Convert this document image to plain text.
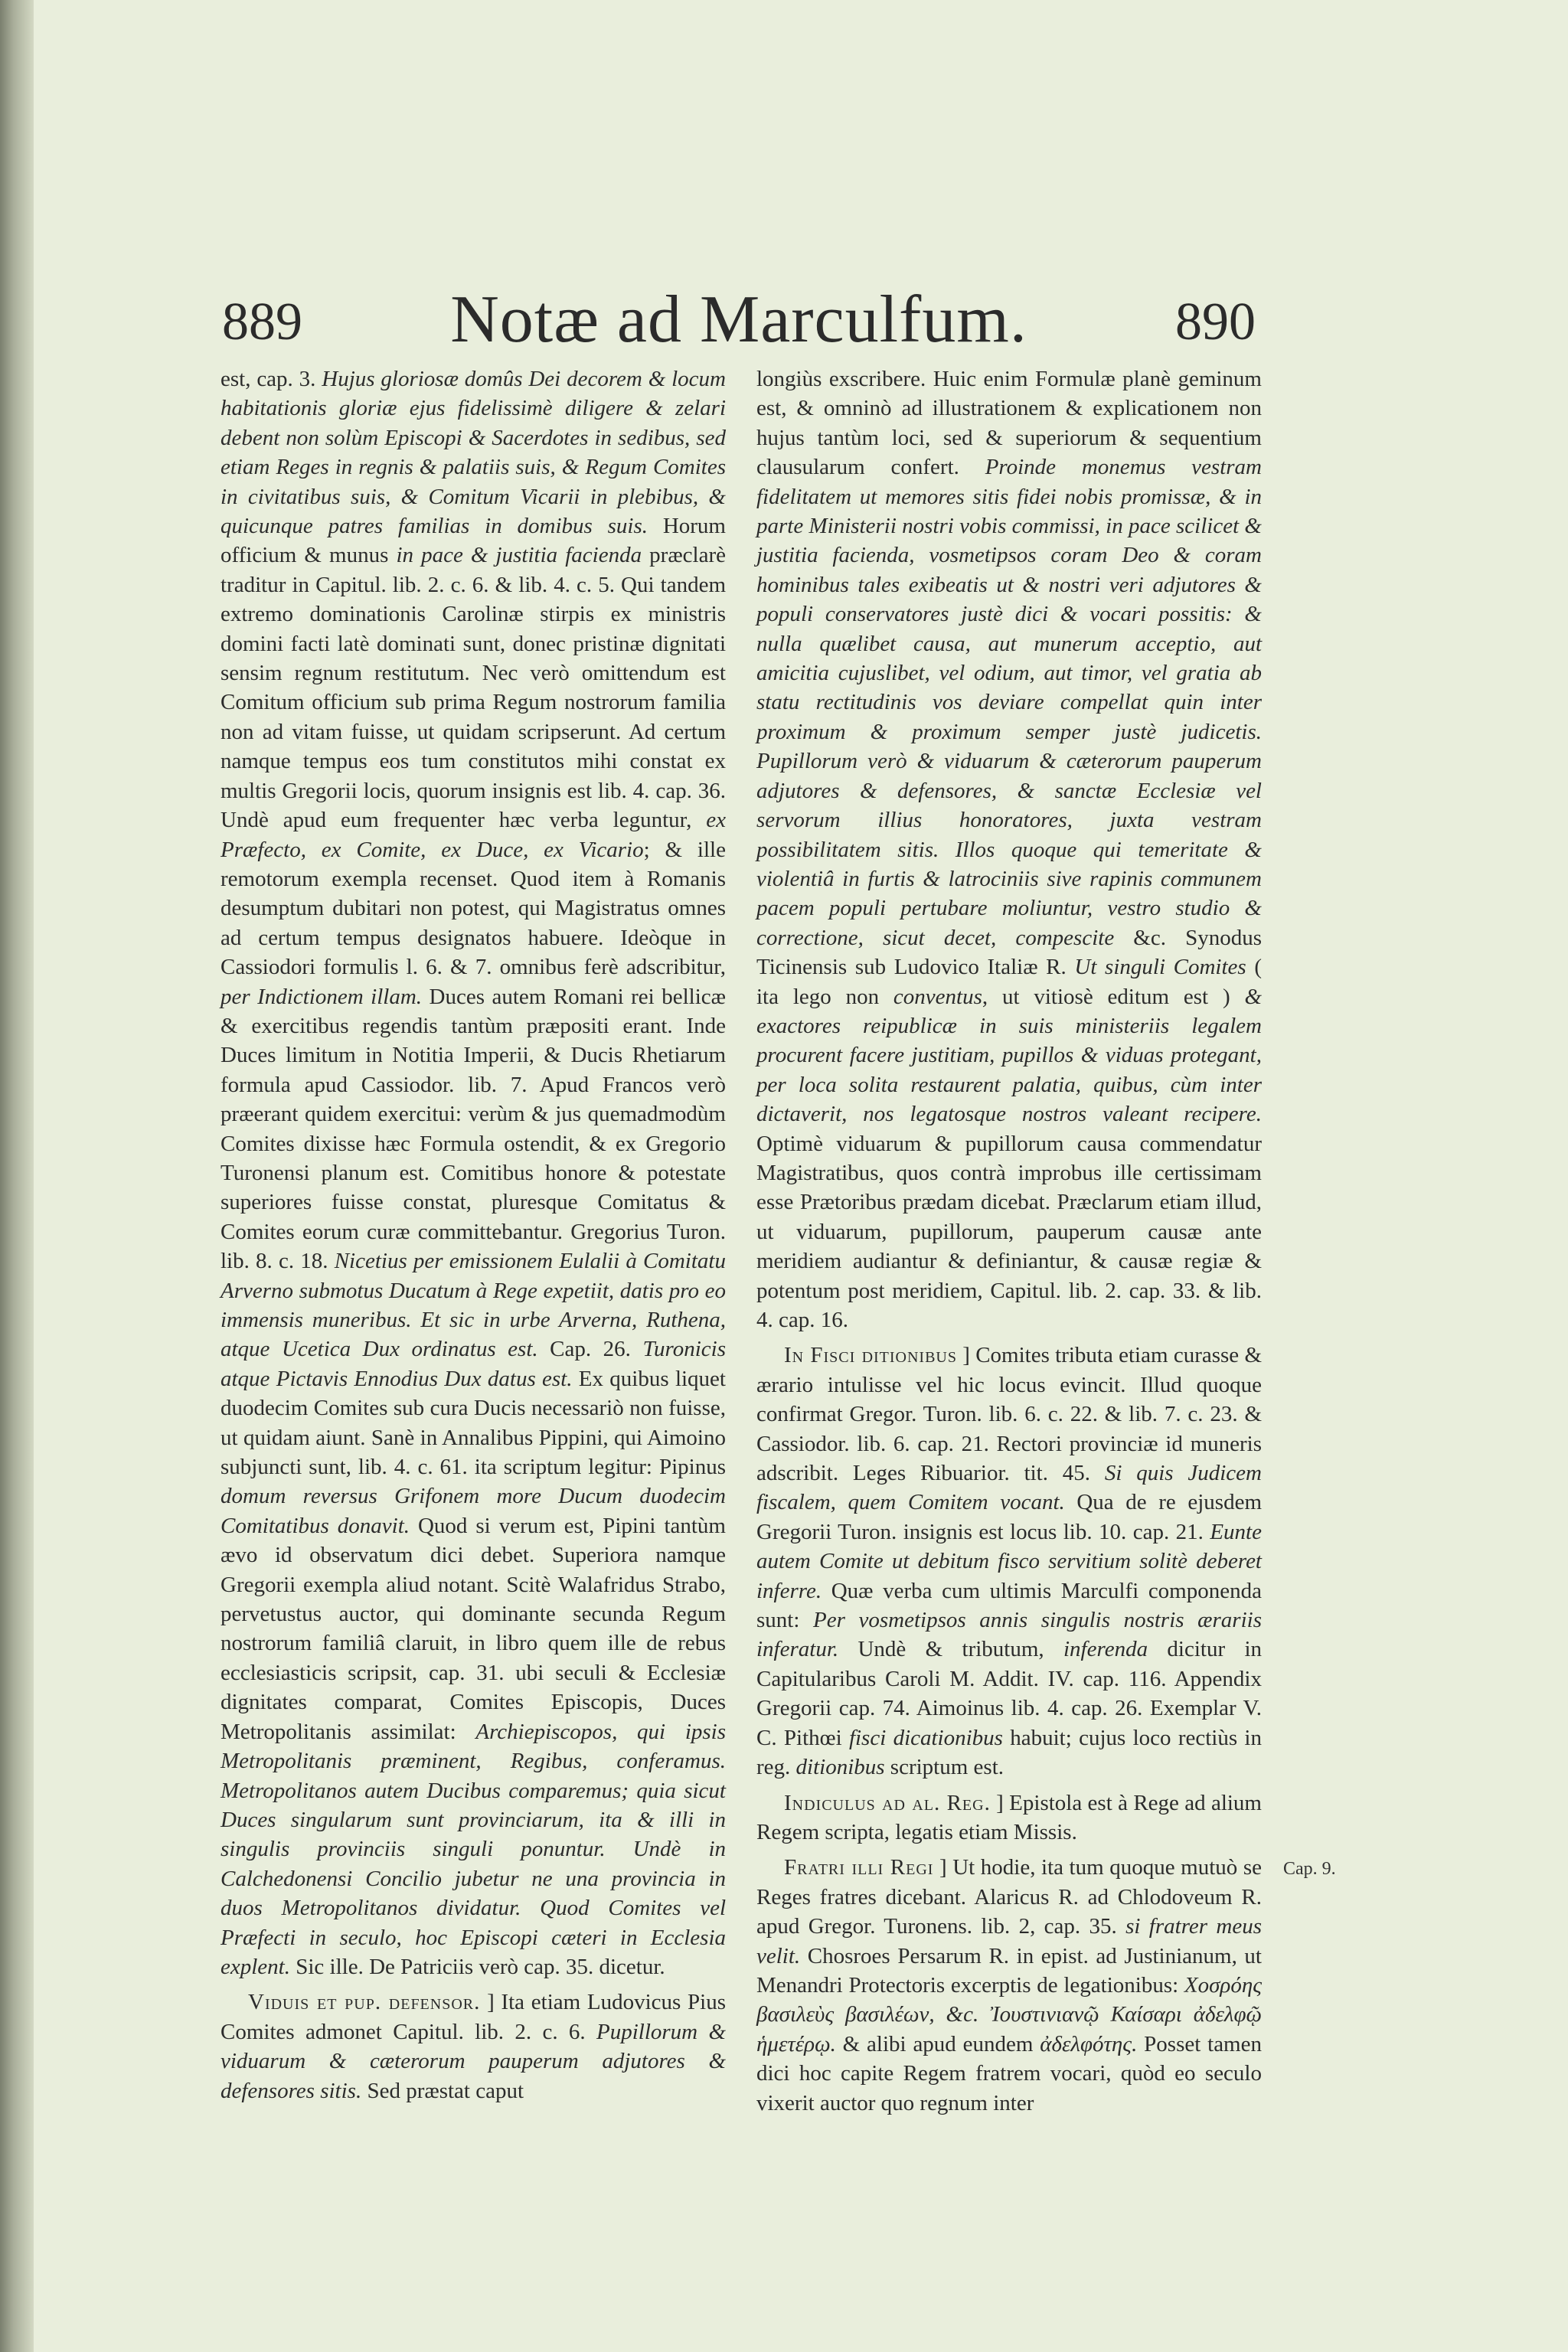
889	Notæ ad Marculfum.	890

est, cap. 3. Hujus gloriosæ domûs Dei decorem & locum habitationis gloriæ ejus fidelissimè diligere & zelari debent non solùm Episcopi & Sacerdotes in sedibus, sed etiam Reges in regnis & palatiis suis, & Regum Comites in civitatibus suis, & Comitum Vicarii in plebibus, & quicunque patres familias in domibus suis. Horum officium & munus in pace & justitia facienda præclarè traditur in Capitul. lib. 2. c. 6. & lib. 4. c. 5. Qui tandem extremo dominationis Carolinæ stirpis ex ministris domini facti latè dominati sunt, donec pristinæ dignitati sensim regnum restitutum. Nec verò omittendum est Comitum officium sub prima Regum nostrorum familia non ad vitam fuisse, ut quidam scripserunt. Ad certum namque tempus eos tum constitutos mihi constat ex multis Gregorii locis, quorum insignis est lib. 4. cap. 36. Undè apud eum frequenter hæc verba leguntur, ex Præfecto, ex Comite, ex Duce, ex Vicario; & ille remotorum exempla recenset. Quod item à Romanis desumptum dubitari non potest, qui Magistratus omnes ad certum tempus designatos habuere. Ideòque in Cassiodori formulis l. 6. & 7. omnibus ferè adscribitur, per Indictionem illam. Duces autem Romani rei bellicæ & exercitibus regendis tantùm præpositi erant. Inde Duces limitum in Notitia Imperii, & Ducis Rhetiarum formula apud Cassiodor. lib. 7. Apud Francos verò præerant quidem exercitui: verùm & jus quemadmodùm Comites dixisse hæc Formula ostendit, & ex Gregorio Turonensi planum est. Comitibus honore & potestate superiores fuisse constat, pluresque Comitatus & Comites eorum curæ committebantur. Gregorius Turon. lib. 8. c. 18. Nicetius per emissionem Eulalii à Comitatu Arverno submotus Ducatum à Rege expetiit, datis pro eo immensis muneribus. Et sic in urbe Arverna, Ruthena, atque Ucetica Dux ordinatus est. Cap. 26. Turonicis atque Pictavis Ennodius Dux datus est. Ex quibus liquet duodecim Comites sub cura Ducis necessariò non fuisse, ut quidam aiunt. Sanè in Annalibus Pippini, qui Aimoino subjuncti sunt, lib. 4. c. 61. ita scriptum legitur: Pipinus domum reversus Grifonem more Ducum duodecim Comitatibus donavit. Quod si verum est, Pipini tantùm ævo id observatum dici debet. Superiora namque Gregorii exempla aliud notant. Scitè Walafridus Strabo, pervetustus auctor, qui dominante secunda Regum nostrorum familiâ claruit, in libro quem ille de rebus ecclesiasticis scripsit, cap. 31. ubi seculi & Ecclesiæ dignitates comparat, Comites Episcopis, Duces Metropolitanis assimilat: Archiepiscopos, qui ipsis Metropolitanis præminent, Regibus, conferamus. Metropolitanos autem Ducibus comparemus; quia sicut Duces singularum sunt provinciarum, ita & illi in singulis provinciis singuli ponuntur. Undè in Calchedonensi Concilio jubetur ne una provincia in duos Metropolitanos dividatur. Quod Comites vel Præfecti in seculo, hoc Episcopi cæteri in Ecclesia explent. Sic ille. De Patriciis verò cap. 35. dicetur.

Viduis et pup. defensor. ] Ita etiam Ludovicus Pius Comites admonet Capitul. lib. 2. c. 6. Pupillorum & viduarum & cæterorum pauperum adjutores & defensores sitis. Sed præstat caput

longiùs exscribere. Huic enim Formulæ planè geminum est, & omninò ad illustrationem & explicationem non hujus tantùm loci, sed & superiorum & sequentium clausularum confert. Proinde monemus vestram fidelitatem ut memores sitis fidei nobis promissæ, & in parte Ministerii nostri vobis commissi, in pace scilicet & justitia facienda, vosmetipsos coram Deo & coram hominibus tales exibeatis ut & nostri veri adjutores & populi conservatores justè dici & vocari possitis: & nulla quælibet causa, aut munerum acceptio, aut amicitia cujuslibet, vel odium, aut timor, vel gratia ab statu rectitudinis vos deviare compellat quin inter proximum & proximum semper justè judicetis. Pupillorum verò & viduarum & cæterorum pauperum adjutores & defensores, & sanctæ Ecclesiæ vel servorum illius honoratores, juxta vestram possibilitatem sitis. Illos quoque qui temeritate & violentiâ in furtis & latrociniis sive rapinis communem pacem populi pertubare moliuntur, vestro studio & correctione, sicut decet, compescite &c. Synodus Ticinensis sub Ludovico Italiæ R. Ut singuli Comites ( ita lego non conventus, ut vitiosè editum est ) & exactores reipublicæ in suis ministeriis legalem procurent facere justitiam, pupillos & viduas protegant, per loca solita restaurent palatia, quibus, cùm inter dictaverit, nos legatosque nostros valeant recipere. Optimè viduarum & pupillorum causa commendatur Magistratibus, quos contrà improbus ille certissimam esse Prætoribus prædam dicebat. Præclarum etiam illud, ut viduarum, pupillorum, pauperum causæ ante meridiem audiantur & definiantur, & causæ regiæ & potentum post meridiem, Capitul. lib. 2. cap. 33. & lib. 4. cap. 16.

In Fisci ditionibus ] Comites tributa etiam curasse & ærario intulisse vel hic locus evincit. Illud quoque confirmat Gregor. Turon. lib. 6. c. 22. & lib. 7. c. 23. & Cassiodor. lib. 6. cap. 21. Rectori provinciæ id muneris adscribit. Leges Ribuarior. tit. 45. Si quis Judicem fiscalem, quem Comitem vocant. Qua de re ejusdem Gregorii Turon. insignis est locus lib. 10. cap. 21. Eunte autem Comite ut debitum fisco servitium solitè deberet inferre. Quæ verba cum ultimis Marculfi componenda sunt: Per vosmetipsos annis singulis nostris ærariis inferatur. Undè & tributum, inferenda dicitur in Capitularibus Caroli M. Addit. IV. cap. 116. Appendix Gregorii cap. 74. Aimoinus lib. 4. cap. 26. Exemplar V. C. Pithœi fisci dicationibus habuit; cujus loco rectiùs in reg. ditionibus scriptum est.

Indiculus ad al. Reg. ] Epistola est à Rege ad alium Regem scripta, legatis etiam Missis.

Fratri illi Regi ] Ut hodie, ita tum quoque mutuò se Reges fratres dicebant. Alaricus R. ad Chlodoveum R. apud Gregor. Turonens. lib. 2, cap. 35. si fratrer meus velit. Chosroes Persarum R. in epist. ad Justinianum, ut Menandri Protectoris excerptis de legationibus: Χοσρόης βασιλεὺς βασιλέων, &c. Ἰουστινιανῷ Καίσαρι ἀδελφῷ ἡμετέρῳ. & alibi apud eundem ἀδελφότης. Posset tamen dici hoc capite Regem fratrem vocari, quòd eo seculo vixerit auctor quo regnum inter

Cap. 9.
